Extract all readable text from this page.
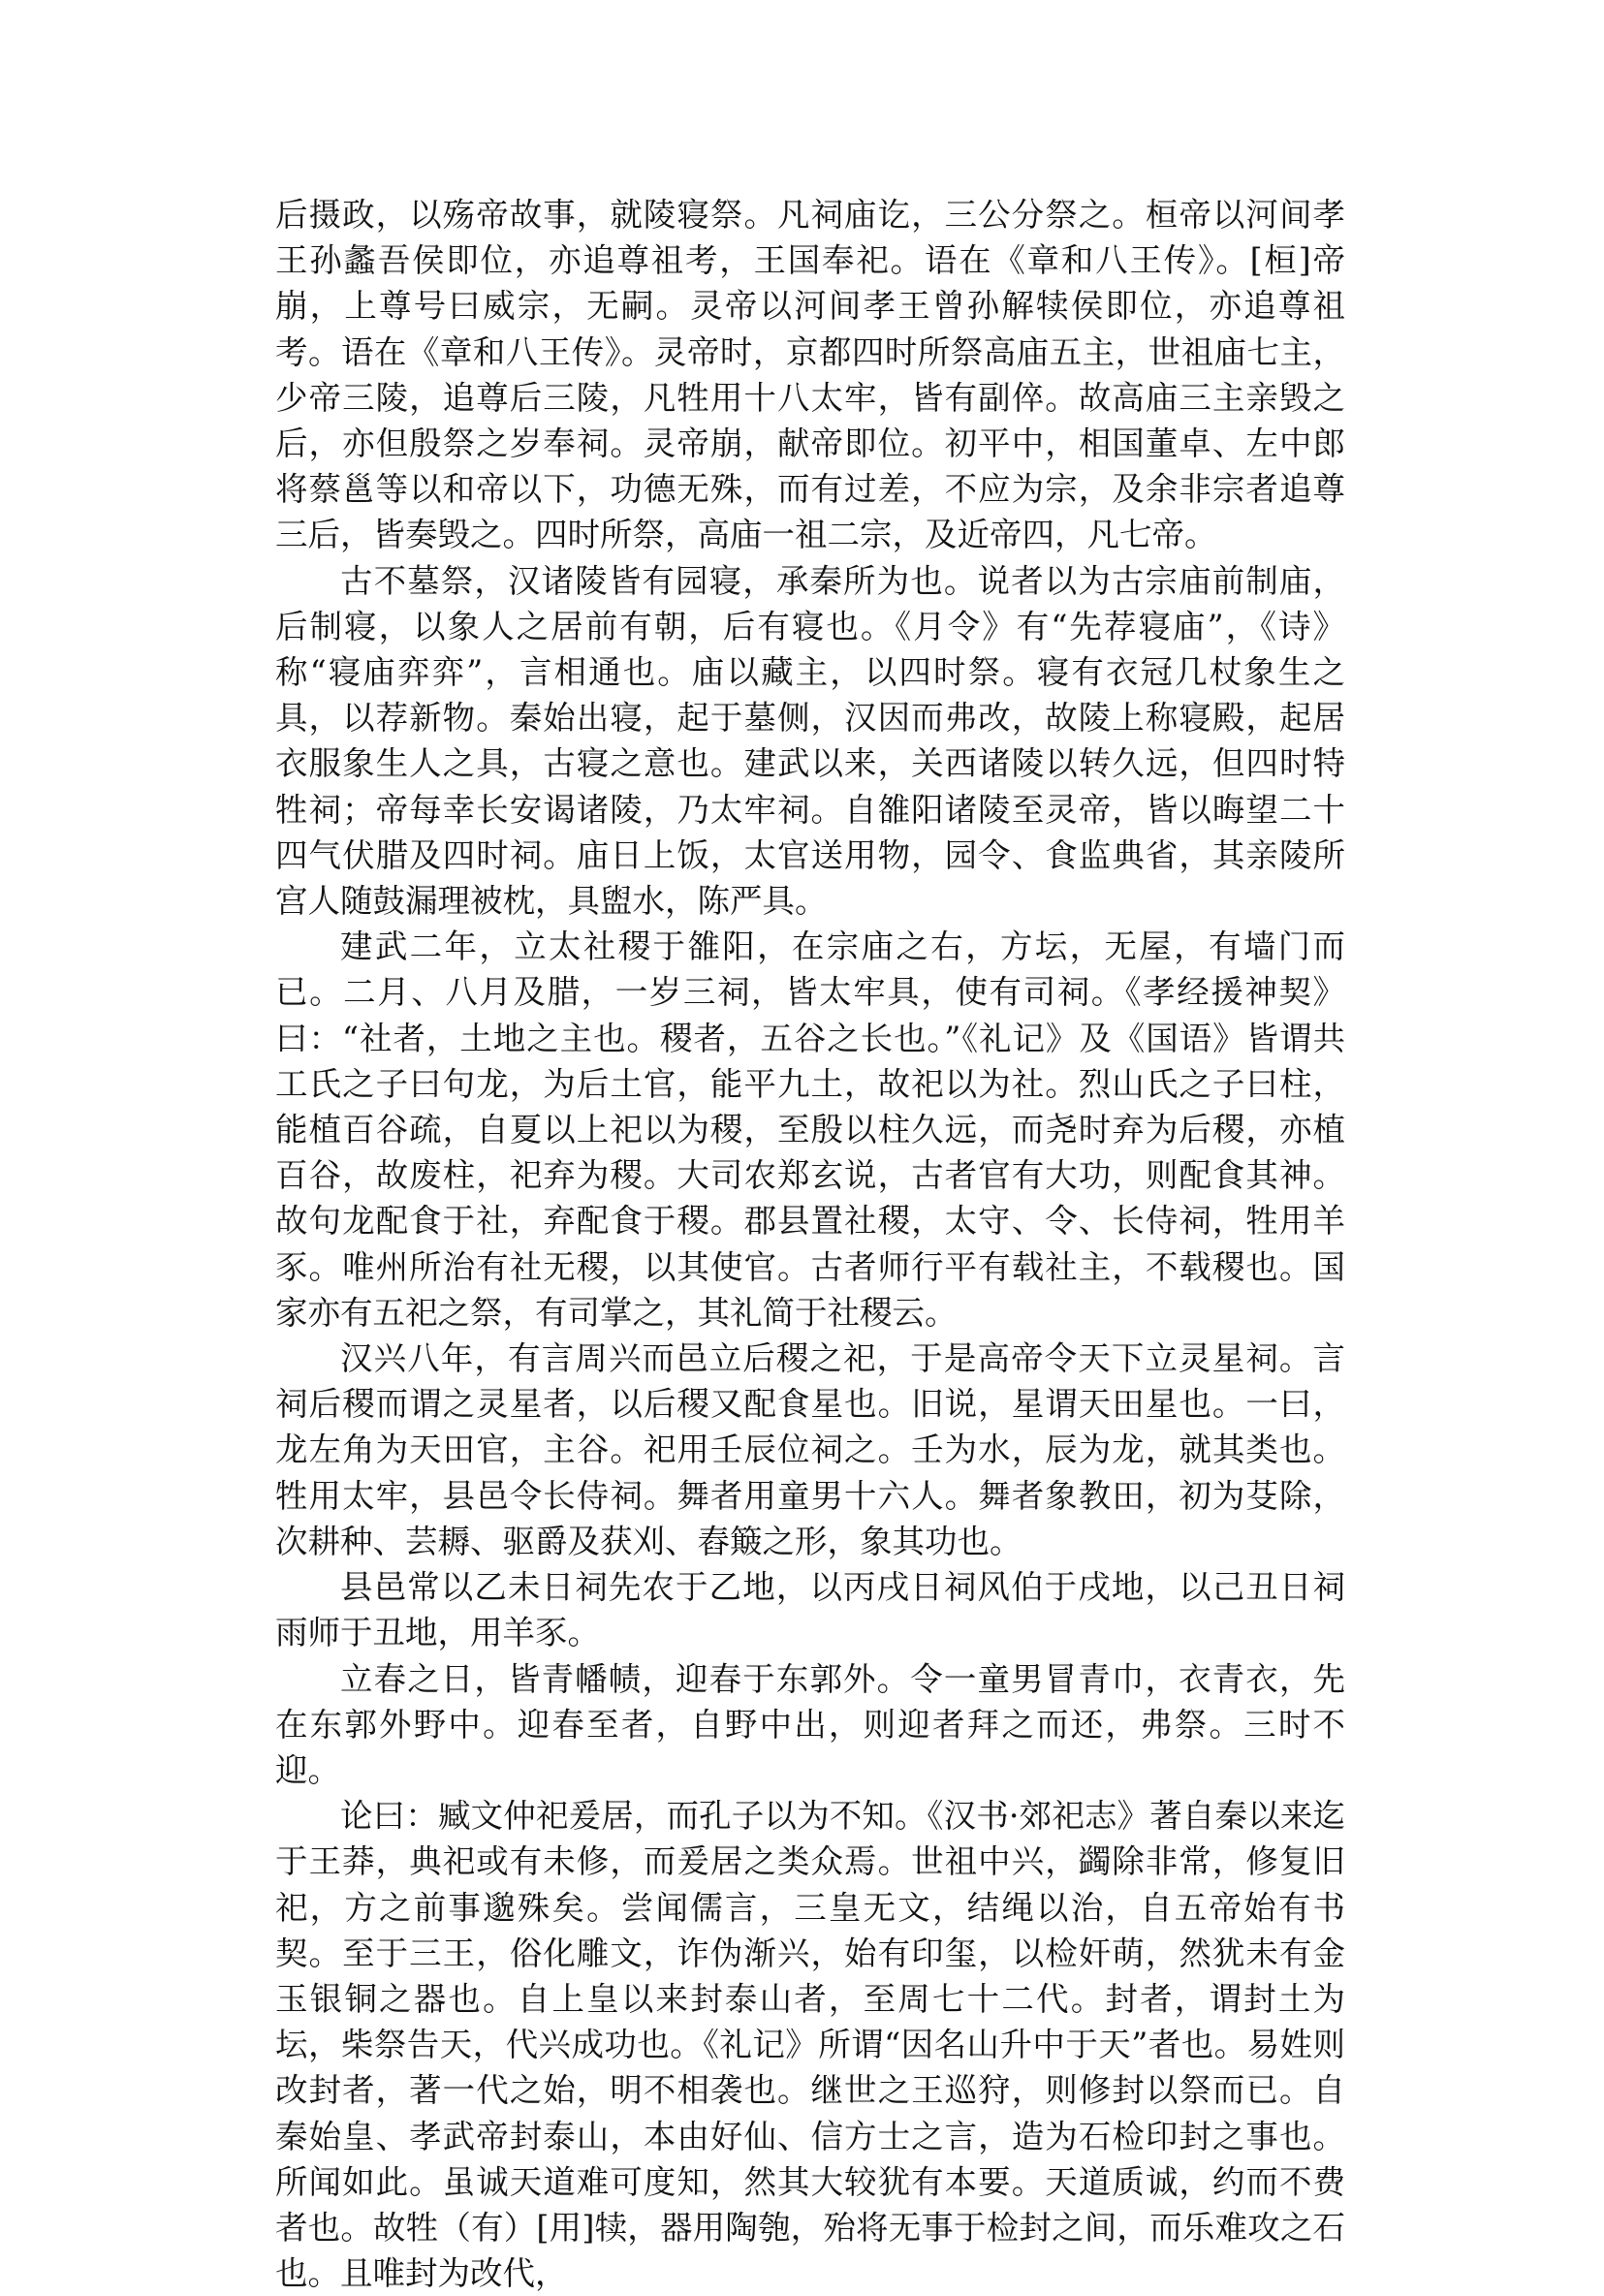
后摄政，以殇帝故事，就陵寝祭。凡祠庙讫，三公分祭之。桓帝以河间孝王孙蠡吾侯即位，亦追尊祖考，王国奉祀。语在《章和八王传》。[桓]帝崩，上尊号曰威宗，无嗣。灵帝以河间孝王曾孙解犊侯即位，亦追尊祖考。语在《章和八王传》。灵帝时，京都四时所祭高庙五主，世祖庙七主，少帝三陵，追尊后三陵，凡牲用十八太牢，皆有副倅。故高庙三主亲毁之后，亦但殷祭之岁奉祠。灵帝崩，献帝即位。初平中，相国董卓、左中郎将蔡邕等以和帝以下，功德无殊，而有过差，不应为宗，及余非宗者追尊三后，皆奏毁之。四时所祭，高庙一祖二宗，及近帝四，凡七帝。

古不墓祭，汉诸陵皆有园寝，承秦所为也。说者以为古宗庙前制庙，后制寝，以象人之居前有朝，后有寝也。《月令》有“先荐寝庙”，《诗》称“寝庙弈弈”，言相通也。庙以藏主，以四时祭。寝有衣冠几杖象生之具，以荐新物。秦始出寝，起于墓侧，汉因而弗改，故陵上称寝殿，起居衣服象生人之具，古寝之意也。建武以来，关西诸陵以转久远，但四时特牲祠；帝每幸长安谒诸陵，乃太牢祠。自雒阳诸陵至灵帝，皆以晦望二十四气伏腊及四时祠。庙日上饭，太官送用物，园令、食监典省，其亲陵所宫人随鼓漏理被枕，具盥水，陈严具。

建武二年，立太社稷于雒阳，在宗庙之右，方坛，无屋，有墙门而已。二月、八月及腊，一岁三祠，皆太牢具，使有司祠。《孝经援神契》曰：“社者，土地之主也。稷者，五谷之长也。”《礼记》及《国语》皆谓共工氏之子曰句龙，为后土官，能平九土，故祀以为社。烈山氏之子曰柱，能植百谷疏，自夏以上祀以为稷，至殷以柱久远，而尧时弃为后稷，亦植百谷，故废柱，祀弃为稷。大司农郑玄说，古者官有大功，则配食其神。故句龙配食于社，弃配食于稷。郡县置社稷，太守、令、长侍祠，牲用羊豕。唯州所治有社无稷，以其使官。古者师行平有载社主，不载稷也。国家亦有五祀之祭，有司掌之，其礼简于社稷云。

汉兴八年，有言周兴而邑立后稷之祀，于是高帝令天下立灵星祠。言祠后稷而谓之灵星者，以后稷又配食星也。旧说，星谓天田星也。一曰，龙左角为天田官，主谷。祀用壬辰位祠之。壬为水，辰为龙，就其类也。牲用太牢，县邑令长侍祠。舞者用童男十六人。舞者象教田，初为芟除，次耕种、芸耨、驱爵及获刈、舂簸之形，象其功也。

县邑常以乙未日祠先农于乙地，以丙戌日祠风伯于戌地，以己丑日祠雨师于丑地，用羊豕。

立春之日，皆青幡帻，迎春于东郭外。令一童男冒青巾，衣青衣，先在东郭外野中。迎春至者，自野中出，则迎者拜之而还，弗祭。三时不迎。

论曰：臧文仲祀爰居，而孔子以为不知。《汉书·郊祀志》著自秦以来迄于王莽，典祀或有未修，而爰居之类众焉。世祖中兴，蠲除非常，修复旧祀，方之前事邈殊矣。尝闻儒言，三皇无文，结绳以治，自五帝始有书契。至于三王，俗化雕文，诈伪渐兴，始有印玺，以检奸萌，然犹未有金玉银铜之器也。自上皇以来封泰山者，至周七十二代。封者，谓封土为坛，柴祭告天，代兴成功也。《礼记》所谓“因名山升中于天”者也。易姓则改封者，著一代之始，明不相袭也。继世之王巡狩，则修封以祭而已。自秦始皇、孝武帝封泰山，本由好仙、信方士之言，造为石检印封之事也。所闻如此。虽诚天道难可度知，然其大较犹有本要。天道质诚，约而不费者也。故牲（有）[用]犊，器用陶匏，殆将无事于检封之间，而乐难攻之石也。且唯封为改代，
